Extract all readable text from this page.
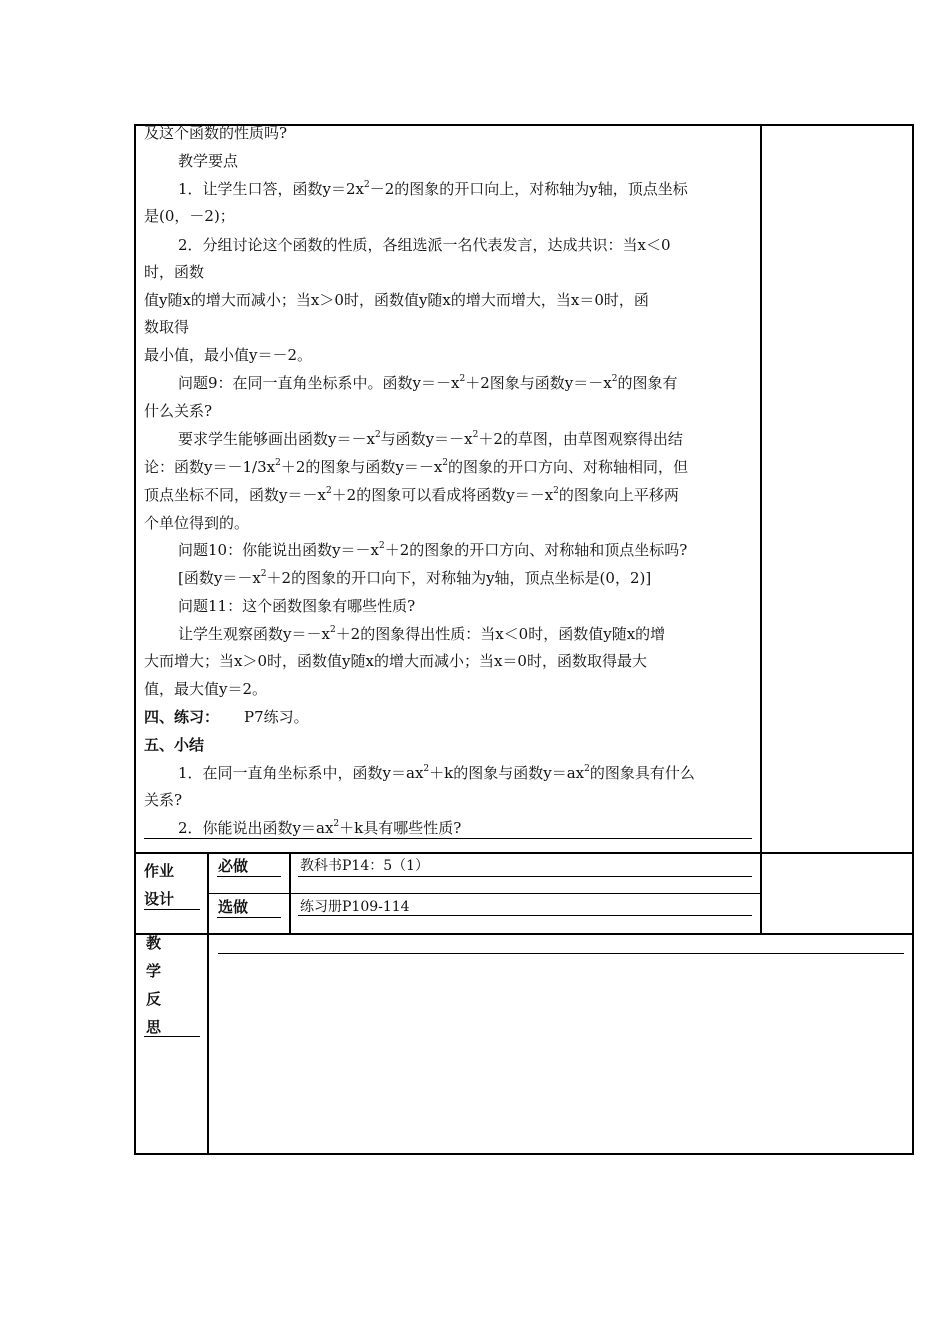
及这个函数的性质吗?
教学要点
1．让学生口答，函数$y=2x^2-2$的图象的开口向上，对称轴为y轴，顶点坐标
是(0，－2)；
2．分组讨论这个函数的性质，各组选派一名代表发言，达成共识：当x＜0
时，函数
值y随x的增大而减小；当x＞0时，函数值y随x的增大而增大，当x＝0时，函
数取得
最小值，最小值y＝－2。
问题9：在同一直角坐标系中。函数$y=-x^2+2$图象与函数$y=-x^2$的图象有
什么关系?
要求学生能够画出函数$y=-x^2$与函数$y=-x^2+2$的草图，由草图观察得出结
论：函数$y=-1/3x^2+2$的图象与函数$y=-x^2$的图象的开口方向、对称轴相同，但
顶点坐标不同，函数$y=-x^2+2$的图象可以看成将函数$y=-x^2$的图象向上平移两
个单位得到的。
问题10：你能说出函数$y=-x^2+2$的图象的开口方向、对称轴和顶点坐标吗?
[函数$y=-x^2+2$的图象的开口向下，对称轴为y轴，顶点坐标是(0，2)]
问题11：这个函数图象有哪些性质?
让学生观察函数$y=-x^2+2$的图象得出性质：当x＜0时，函数值y随x的增
大而增大；当x＞0时，函数值y随x的增大而减小；当x＝0时，函数取得最大
值，最大值y＝2。
四、练习： P7练习。
五、小结
1．在同一直角坐标系中，函数$y=ax^2+k$的图象与函数$y=ax^2$的图象具有什么
关系?
2．你能说出函数$y=ax^2+k$具有哪些性质?
作业
设计
必做	教科书P14：5（1）
选做	练习册P109-114
教
学
反
思
